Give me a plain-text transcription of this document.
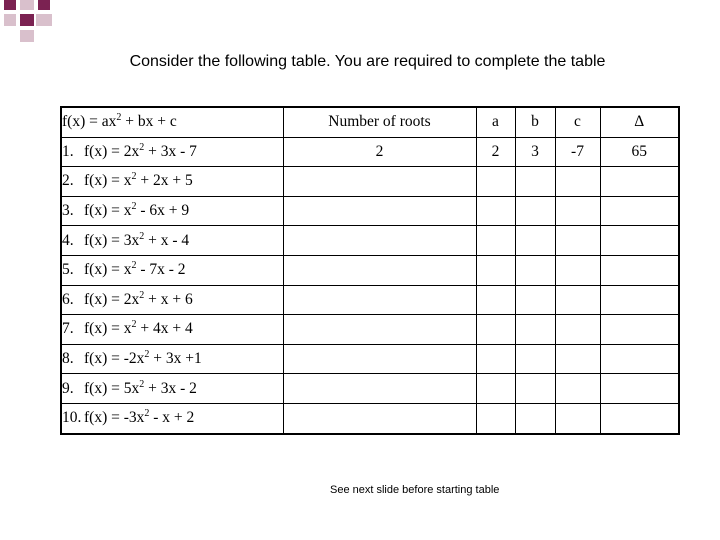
Consider the following table. You are required to complete the table
$f(x) = ax^2$ + bx + c	Number of roots	a	b	c	Δ
1. $f(x) = 2x^2 + 3x - 7$	2	2	3	-7	65
2. $f(x) = x^2 + 2x + 5$					
3. $f(x) = x^2 - 6x + 9$					
4. $f(x) = 3x^2 + x - 4$					
5. $f(x) = x^2 - 7x - 2$					
6. $f(x) = 2x^2 + x + 6$					
7. $f(x) = x^2 + 4x + 4$					
8. $f(x) = -2x^2 + 3x +1$					
9. $f(x) = 5x^2 + 3x - 2$					
10. $f(x) = -3x^2 - x + 2$					
See next slide before starting table
